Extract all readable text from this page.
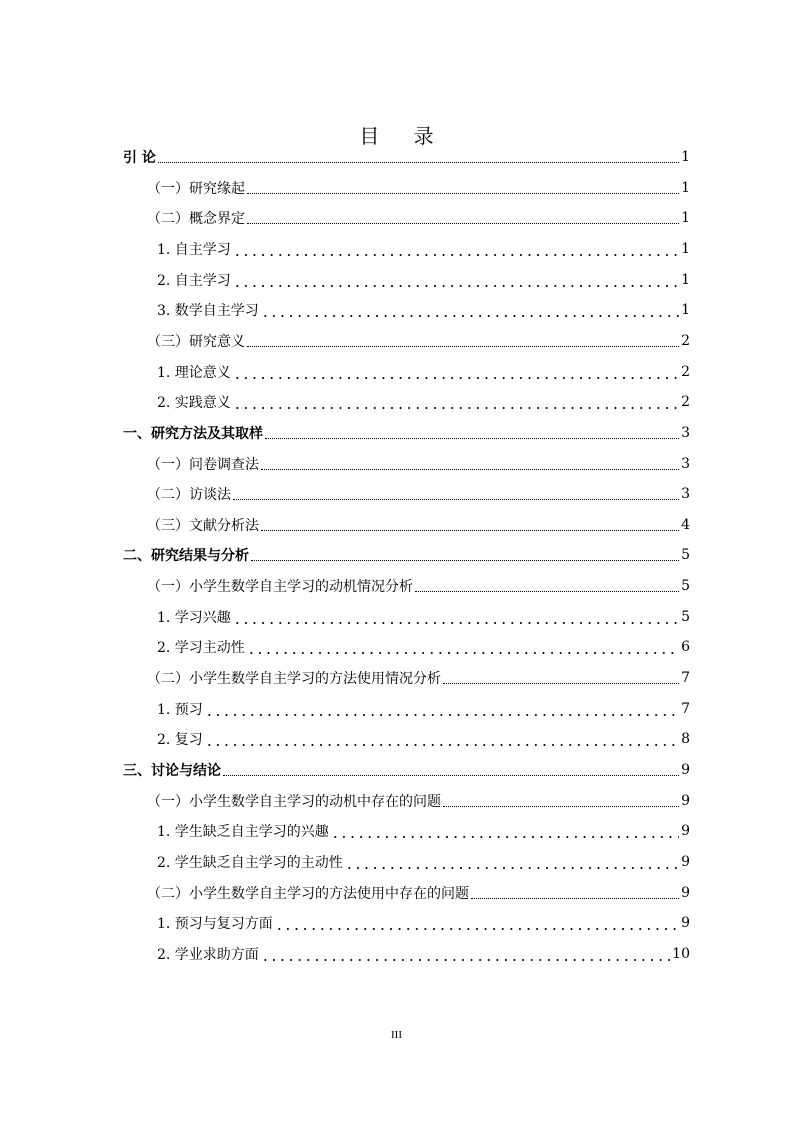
目 录
引 论	1
（一）研究缘起	1
（二）概念界定	1
1. 自主学习	1
2. 自主学习	1
3. 数学自主学习	1
（三）研究意义	2
1. 理论意义	2
2. 实践意义	2
一、研究方法及其取样	3
（一）问卷调查法	3
（二）访谈法	3
（三）文献分析法	4
二、研究结果与分析	5
（一）小学生数学自主学习的动机情况分析	5
1. 学习兴趣	5
2. 学习主动性	6
（二）小学生数学自主学习的方法使用情况分析	7
1. 预习	7
2. 复习	8
三、讨论与结论	9
（一）小学生数学自主学习的动机中存在的问题	9
1. 学生缺乏自主学习的兴趣	9
2. 学生缺乏自主学习的主动性	9
（二）小学生数学自主学习的方法使用中存在的问题	9
1. 预习与复习方面	9
2. 学业求助方面	10
III
